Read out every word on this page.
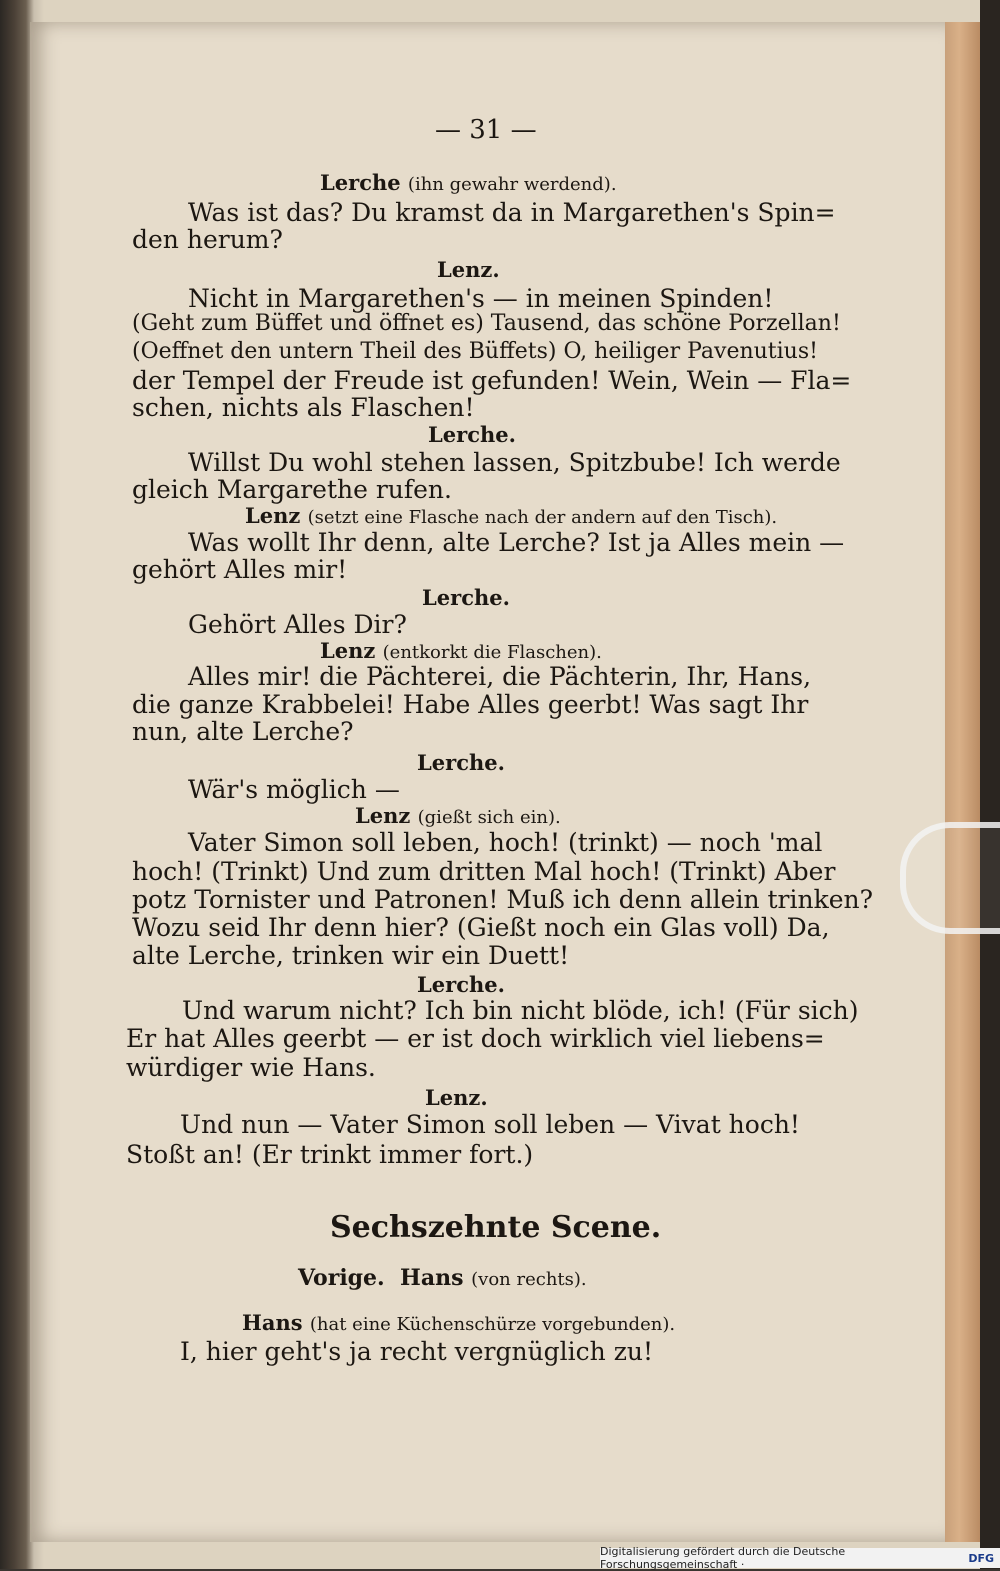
— 31 —
Lerche (ihn gewahr werdend).
Was ist das? Du kramst da in Margarethen's Spin=
den herum?
Lenz.
Nicht in Margarethen's — in meinen Spinden!
(Geht zum Büffet und öffnet es) Tausend, das schöne Porzellan!
(Oeffnet den untern Theil des Büffets) O, heiliger Pavenutius!
der Tempel der Freude ist gefunden! Wein, Wein — Fla=
schen, nichts als Flaschen!
Lerche.
Willst Du wohl stehen lassen, Spitzbube! Ich werde
gleich Margarethe rufen.
Lenz (setzt eine Flasche nach der andern auf den Tisch).
Was wollt Ihr denn, alte Lerche? Ist ja Alles mein —
gehört Alles mir!
Lerche.
Gehört Alles Dir?
Lenz (entkorkt die Flaschen).
Alles mir! die Pächterei, die Pächterin, Ihr, Hans,
die ganze Krabbelei! Habe Alles geerbt! Was sagt Ihr
nun, alte Lerche?
Lerche.
Wär's möglich —
Lenz (gießt sich ein).
Vater Simon soll leben, hoch! (trinkt) — noch 'mal
hoch! (Trinkt) Und zum dritten Mal hoch! (Trinkt) Aber
potz Tornister und Patronen! Muß ich denn allein trinken?
Wozu seid Ihr denn hier? (Gießt noch ein Glas voll) Da,
alte Lerche, trinken wir ein Duett!
Lerche.
Und warum nicht? Ich bin nicht blöde, ich! (Für sich)
Er hat Alles geerbt — er ist doch wirklich viel liebens=
würdiger wie Hans.
Lenz.
Und nun — Vater Simon soll leben — Vivat hoch!
Stoßt an! (Er trinkt immer fort.)
Sechszehnte Scene.
Vorige. Hans (von rechts).
Hans (hat eine Küchenschürze vorgebunden).
I, hier geht's ja recht vergnüglich zu!
Digitalisierung gefördert durch die Deutsche Forschungsgemeinschaft ·	DFG
